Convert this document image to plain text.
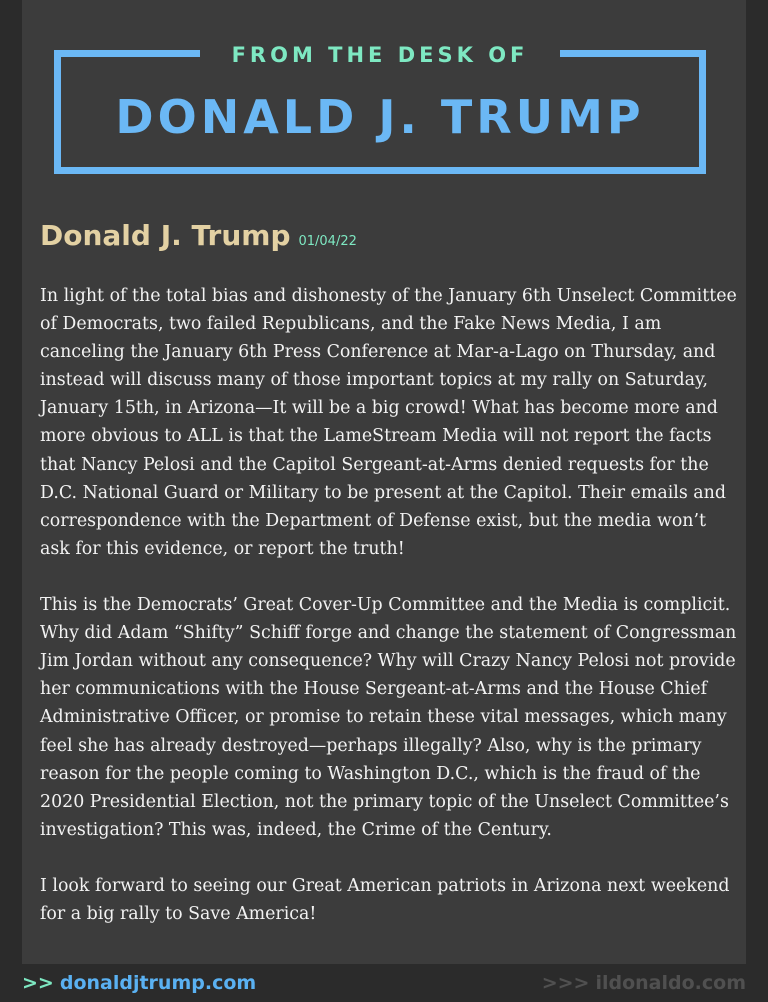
FROM THE DESK OF
DONALD J. TRUMP
Donald J. Trump 01/04/22

In light of the total bias and dishonesty of the January 6th Unselect Committee of Democrats, two failed Republicans, and the Fake News Media, I am canceling the January 6th Press Conference at Mar-a-Lago on Thursday, and instead will discuss many of those important topics at my rally on Saturday, January 15th, in Arizona—It will be a big crowd! What has become more and more obvious to ALL is that the LameStream Media will not report the facts that Nancy Pelosi and the Capitol Sergeant-at-Arms denied requests for the D.C. National Guard or Military to be present at the Capitol. Their emails and correspondence with the Department of Defense exist, but the media won’t ask for this evidence, or report the truth!

This is the Democrats’ Great Cover-Up Committee and the Media is complicit. Why did Adam “Shifty” Schiff forge and change the statement of Congressman Jim Jordan without any consequence? Why will Crazy Nancy Pelosi not provide her communications with the House Sergeant-at-Arms and the House Chief Administrative Officer, or promise to retain these vital messages, which many feel she has already destroyed—perhaps illegally? Also, why is the primary reason for the people coming to Washington D.C., which is the fraud of the 2020 Presidential Election, not the primary topic of the Unselect Committee’s investigation? This was, indeed, the Crime of the Century.

I look forward to seeing our Great American patriots in Arizona next weekend for a big rally to Save America!

>> donaldjtrump.com	>>> ildonaldo.com
